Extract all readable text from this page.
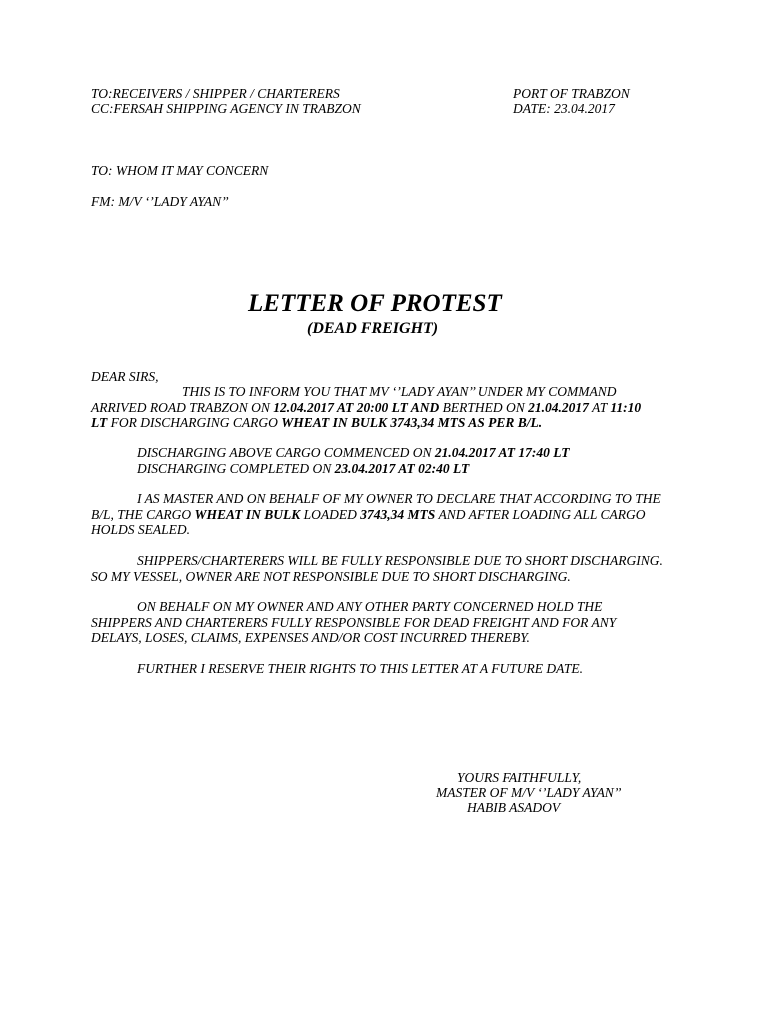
TO:RECEIVERS / SHIPPER / CHARTERERS
CC:FERSAH SHIPPING AGENCY IN TRABZON
PORT OF TRABZON
DATE: 23.04.2017
TO: WHOM IT MAY CONCERN
FM: M/V ‘’LADY AYAN’’
LETTER OF PROTEST
(DEAD FREIGHT)
DEAR SIRS,
THIS IS TO INFORM YOU THAT MV ‘’LADY AYAN’’ UNDER MY COMMAND
ARRIVED ROAD TRABZON ON 12.04.2017 AT 20:00 LT AND BERTHED ON 21.04.2017 AT 11:10
LT FOR DISCHARGING CARGO WHEAT IN BULK 3743,34 MTS AS PER B/L.
DISCHARGING ABOVE CARGO COMMENCED ON 21.04.2017 AT 17:40 LT
DISCHARGING COMPLETED ON 23.04.2017 AT 02:40 LT
I AS MASTER AND ON BEHALF OF MY OWNER TO DECLARE THAT ACCORDING TO THE
B/L, THE CARGO WHEAT IN BULK LOADED 3743,34 MTS AND AFTER LOADING ALL CARGO
HOLDS SEALED.
SHIPPERS/CHARTERERS WILL BE FULLY RESPONSIBLE DUE TO SHORT DISCHARGING.
SO MY VESSEL, OWNER ARE NOT RESPONSIBLE DUE TO SHORT DISCHARGING.
ON BEHALF ON MY OWNER AND ANY OTHER PARTY CONCERNED HOLD THE
SHIPPERS AND CHARTERERS FULLY RESPONSIBLE FOR DEAD FREIGHT AND FOR ANY
DELAYS, LOSES, CLAIMS, EXPENSES AND/OR COST INCURRED THEREBY.
FURTHER I RESERVE THEIR RIGHTS TO THIS LETTER AT A FUTURE DATE.
YOURS FAITHFULLY,
MASTER OF M/V ‘’LADY AYAN’’
HABIB ASADOV
